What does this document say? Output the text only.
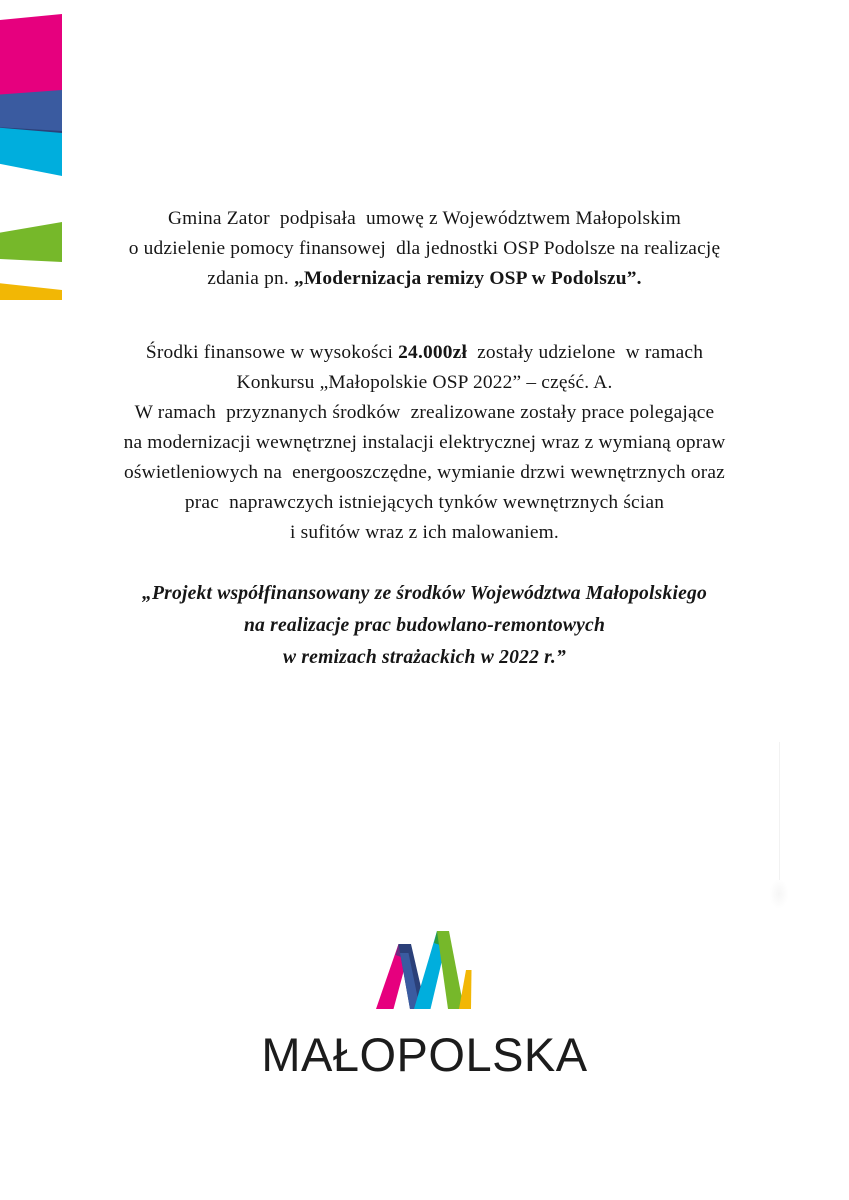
Gmina Zator  podpisała  umowę z Województwem Małopolskim
o udzielenie pomocy finansowej  dla jednostki OSP Podolsze na realizację
zdania pn. „Modernizacja remizy OSP w Podolszu”.
Środki finansowe w wysokości 24.000zł  zostały udzielone  w ramach
Konkursu „Małopolskie OSP 2022” – część. A.
W ramach  przyznanych środków  zrealizowane zostały prace polegające
na modernizacji wewnętrznej instalacji elektrycznej wraz z wymianą opraw
oświetleniowych na  energooszczędne, wymianie drzwi wewnętrznych oraz
prac  naprawczych istniejących tynków wewnętrznych ścian
i sufitów wraz z ich malowaniem.
„Projekt współfinansowany ze środków Województwa Małopolskiego
na realizacje prac budowlano-remontowych
w remizach strażackich w 2022 r.”
MAŁOPOLSKA
